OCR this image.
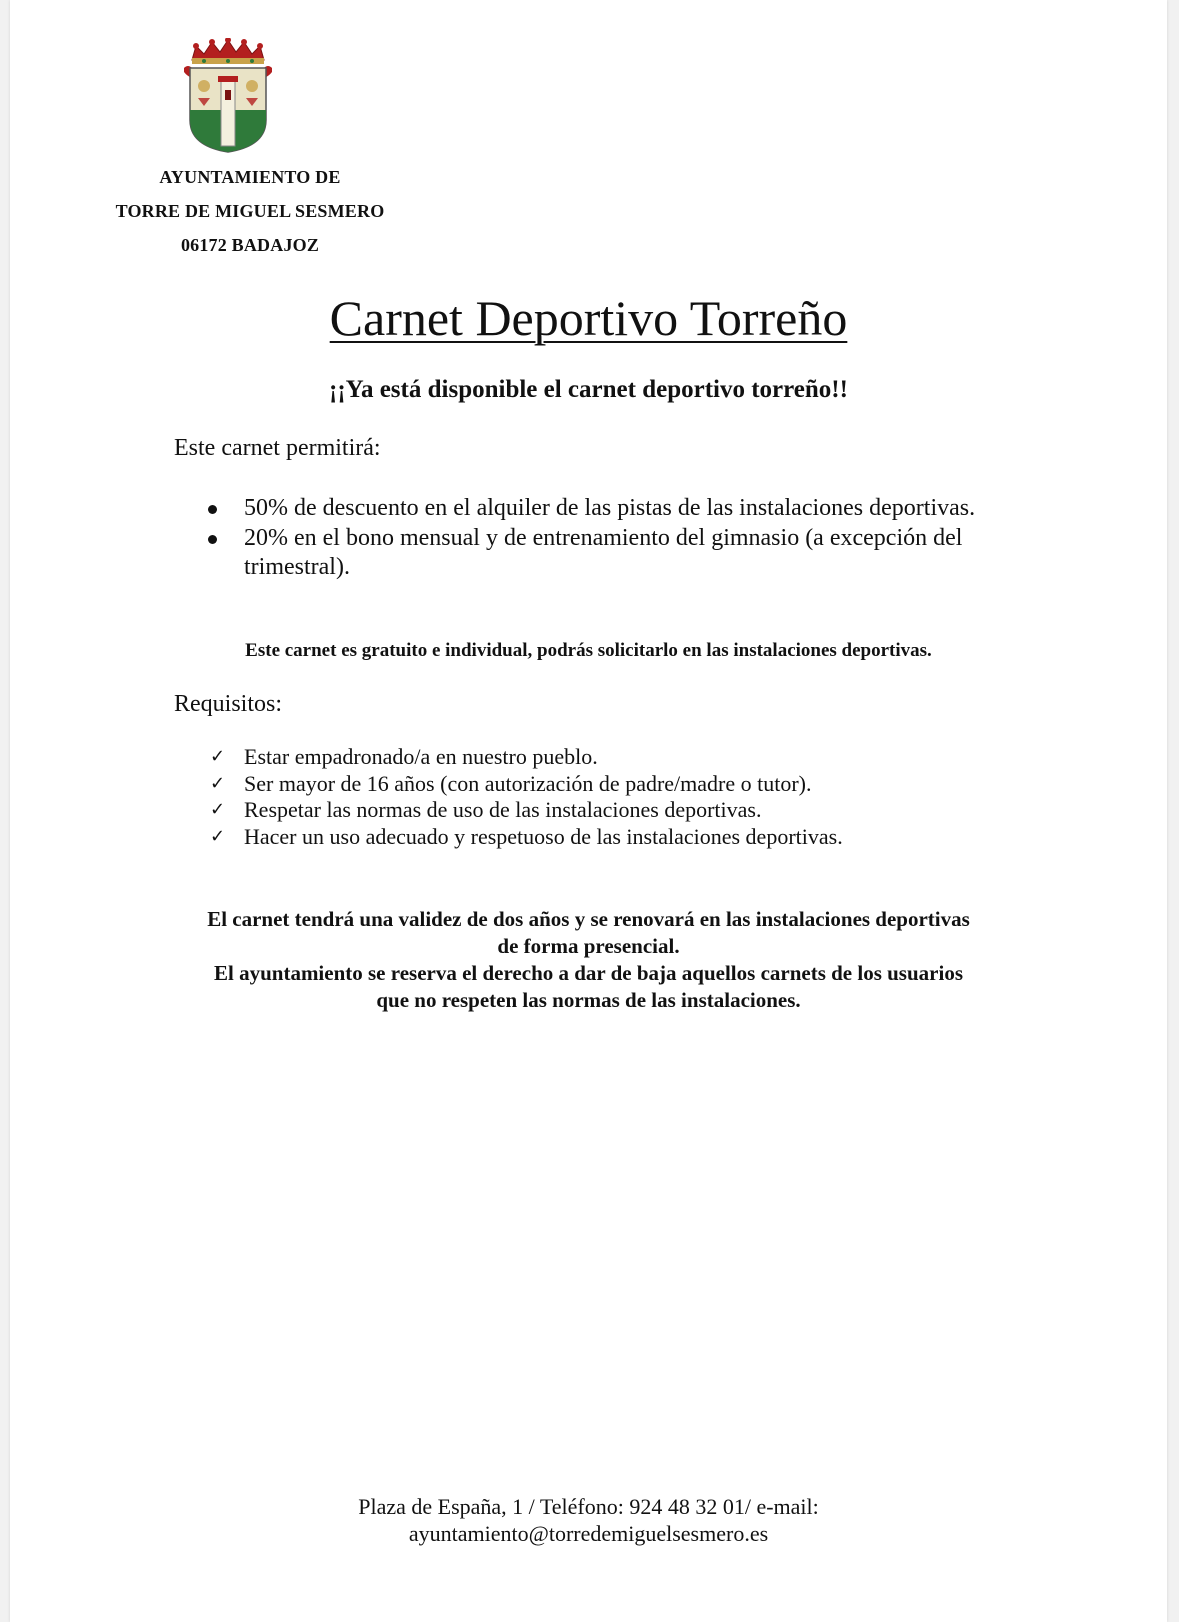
AYUNTAMIENTO DE
TORRE DE MIGUEL SESMERO
06172 BADAJOZ
Carnet Deportivo Torreño
¡¡Ya está disponible el carnet deportivo torreño!!
Este carnet permitirá:
50% de descuento en el alquiler de las pistas de las instalaciones deportivas.
20% en el bono mensual y de entrenamiento del gimnasio (a excepción del trimestral).
Este carnet es gratuito e individual, podrás solicitarlo en las instalaciones deportivas.
Requisitos:
✓ Estar empadronado/a en nuestro pueblo.
✓ Ser mayor de 16 años (con autorización de padre/madre o tutor).
✓ Respetar las normas de uso de las instalaciones deportivas.
✓ Hacer un uso adecuado y respetuoso de las instalaciones deportivas.
El carnet tendrá una validez de dos años y se renovará en las instalaciones deportivas de forma presencial.
El ayuntamiento se reserva el derecho a dar de baja aquellos carnets de los usuarios que no respeten las normas de las instalaciones.
Plaza de España, 1 / Teléfono: 924 48 32 01/ e-mail:
ayuntamiento@torredemiguelsesmero.es
